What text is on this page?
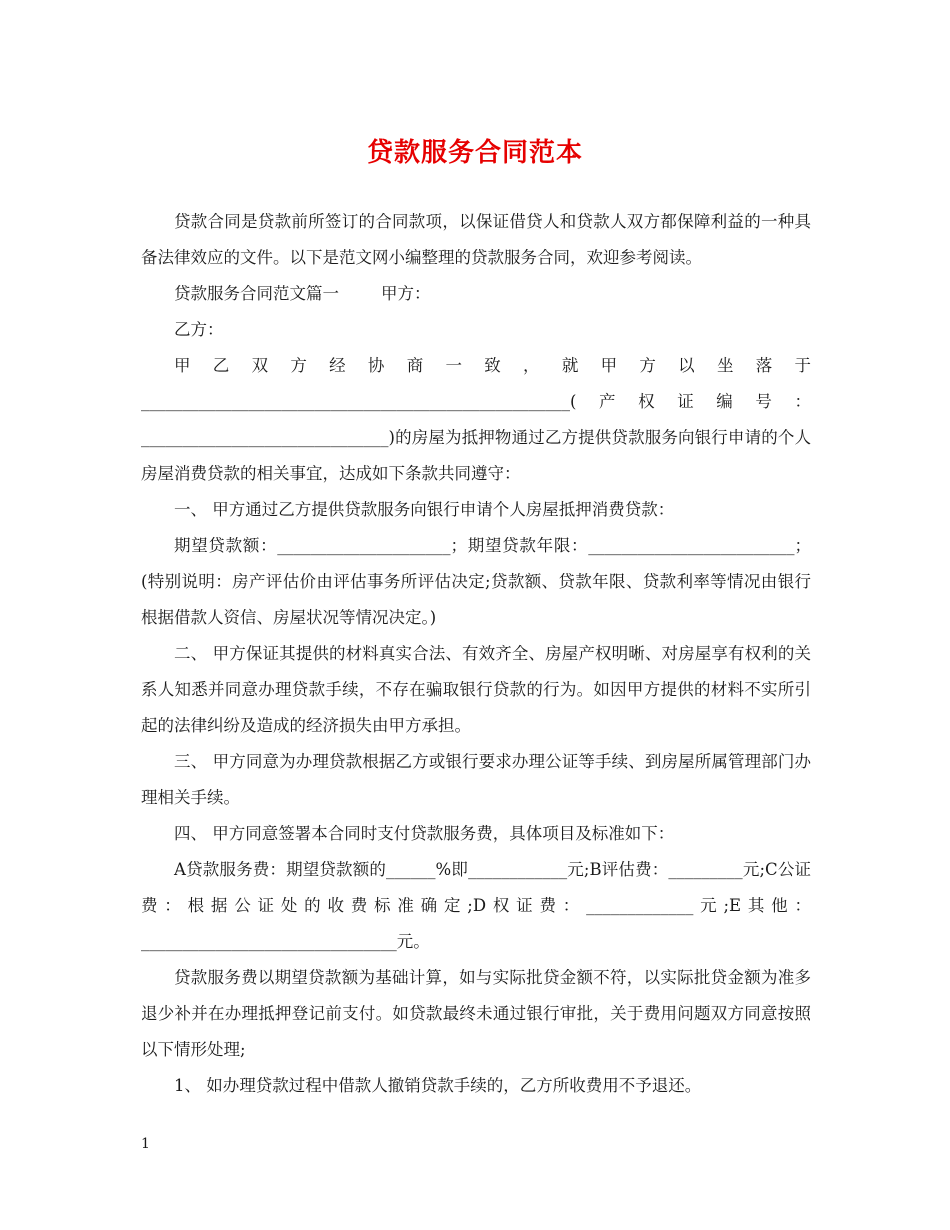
贷款服务合同范本

贷款合同是贷款前所签订的合同款项，以保证借贷人和贷款人双方都保障利益的一种具备法律效应的文件。以下是范文网小编整理的贷款服务合同，欢迎参考阅读。

贷款服务合同范文篇一	甲方：

乙方：

甲乙双方经协商一致，就甲方以坐落于____________________________________________________(产权证编号：______________________________)的房屋为抵押物通过乙方提供贷款服务向银行申请的个人房屋消费贷款的相关事宜，达成如下条款共同遵守：

一、 甲方通过乙方提供贷款服务向银行申请个人房屋抵押消费贷款：

期望贷款额：_____________________；期望贷款年限：_________________________；(特别说明：房产评估价由评估事务所评估决定;贷款额、贷款年限、贷款利率等情况由银行根据借款人资信、房屋状况等情况决定。)

二、 甲方保证其提供的材料真实合法、有效齐全、房屋产权明晰、对房屋享有权利的关系人知悉并同意办理贷款手续，不存在骗取银行贷款的行为。如因甲方提供的材料不实所引起的法律纠纷及造成的经济损失由甲方承担。

三、 甲方同意为办理贷款根据乙方或银行要求办理公证等手续、到房屋所属管理部门办理相关手续。

四、 甲方同意签署本合同时支付贷款服务费，具体项目及标准如下：

A贷款服务费：期望贷款额的______%即____________元;B评估费：_________元;C公证费：根据公证处的收费标准确定;D权证费：_____________元;E其他：_______________________________元。

贷款服务费以期望贷款额为基础计算，如与实际批贷金额不符，以实际批贷金额为准多退少补并在办理抵押登记前支付。如贷款最终未通过银行审批，关于费用问题双方同意按照以下情形处理;

1、 如办理贷款过程中借款人撤销贷款手续的，乙方所收费用不予退还。

1
